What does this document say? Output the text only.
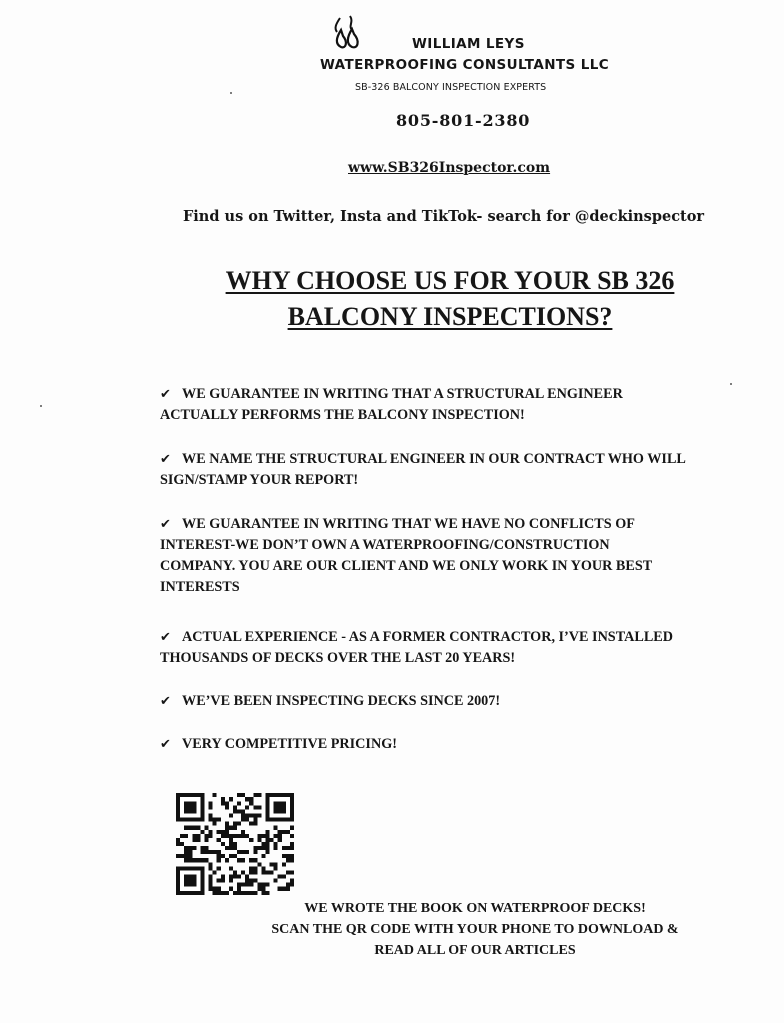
WILLIAM LEYS
WATERPROOFING CONSULTANTS LLC
SB-326 BALCONY INSPECTION EXPERTS
805-801-2380
www.SB326Inspector.com
Find us on Twitter, Insta and TikTok- search for @deckinspector
WHY CHOOSE US FOR YOUR SB 326
BALCONY INSPECTIONS?
✔ WE GUARANTEE IN WRITING THAT A STRUCTURAL ENGINEER
ACTUALLY PERFORMS THE BALCONY INSPECTION!
✔ WE NAME THE STRUCTURAL ENGINEER IN OUR CONTRACT WHO WILL
SIGN/STAMP YOUR REPORT!
✔ WE GUARANTEE IN WRITING THAT WE HAVE NO CONFLICTS OF
INTEREST-WE DON’T OWN A WATERPROOFING/CONSTRUCTION
COMPANY. YOU ARE OUR CLIENT AND WE ONLY WORK IN YOUR BEST
INTERESTS
✔ ACTUAL EXPERIENCE - AS A FORMER CONTRACTOR, I’VE INSTALLED
THOUSANDS OF DECKS OVER THE LAST 20 YEARS!
✔ WE’VE BEEN INSPECTING DECKS SINCE 2007!
✔ VERY COMPETITIVE PRICING!
WE WROTE THE BOOK ON WATERPROOF DECKS!
SCAN THE QR CODE WITH YOUR PHONE TO DOWNLOAD &
READ ALL OF OUR ARTICLES
